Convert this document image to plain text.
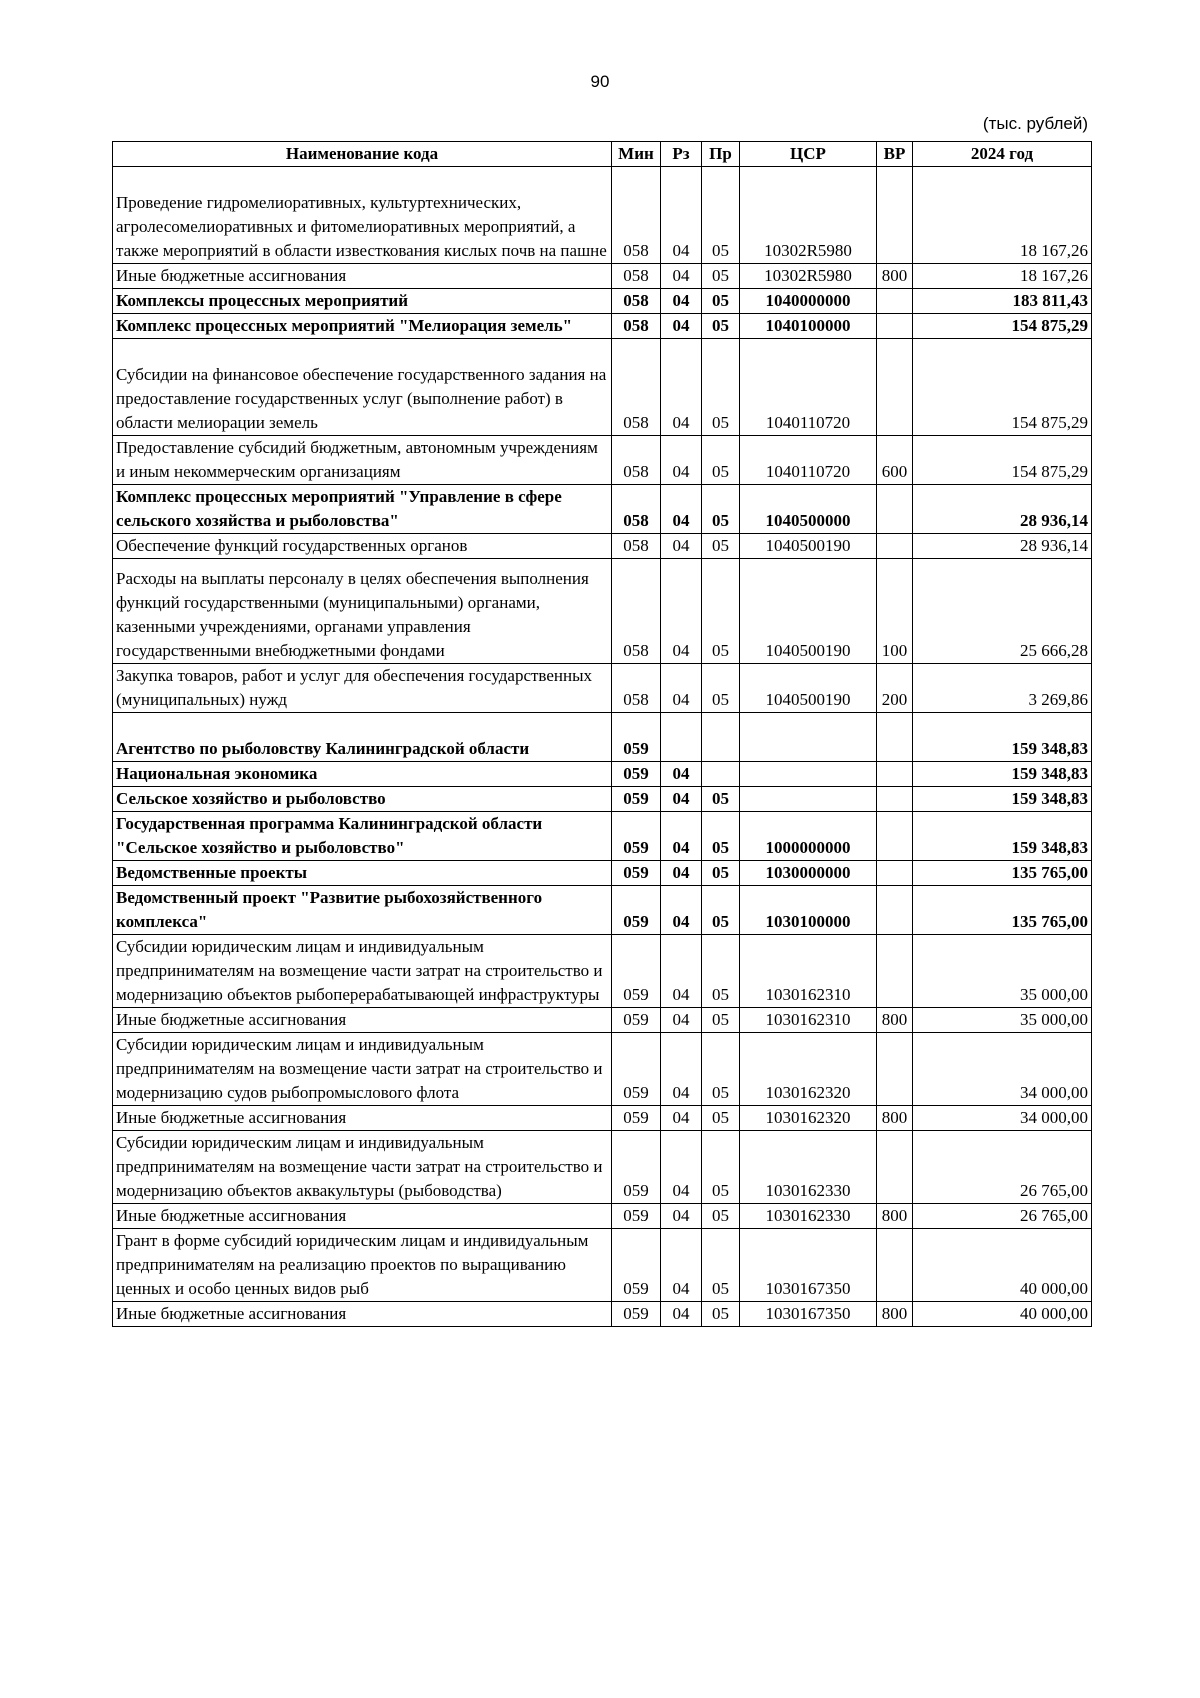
90
(тыс. рублей)
Наименование кода	Мин	Рз	Пр	ЦСР	ВР	2024 год
Проведение гидромелиоративных, культуртехнических, агролесомелиоративных и фитомелиоративных мероприятий, а также мероприятий в области известкования кислых почв на пашне	058	04	05	10302R5980		18 167,26
Иные бюджетные ассигнования	058	04	05	10302R5980	800	18 167,26
Комплексы процессных мероприятий	058	04	05	1040000000		183 811,43
Комплекс процессных мероприятий "Мелиорация земель"	058	04	05	1040100000		154 875,29
Субсидии на финансовое обеспечение государственного задания на предоставление государственных услуг (выполнение работ) в области мелиорации земель	058	04	05	1040110720		154 875,29
Предоставление субсидий бюджетным, автономным учреждениям и иным некоммерческим организациям	058	04	05	1040110720	600	154 875,29
Комплекс процессных мероприятий "Управление в сфере сельского хозяйства и рыболовства"	058	04	05	1040500000		28 936,14
Обеспечение функций государственных органов	058	04	05	1040500190		28 936,14
Расходы на выплаты персоналу в целях обеспечения выполнения функций государственными (муниципальными) органами, казенными учреждениями, органами управления государственными внебюджетными фондами	058	04	05	1040500190	100	25 666,28
Закупка товаров, работ и услуг для обеспечения государственных (муниципальных) нужд	058	04	05	1040500190	200	3 269,86
Агентство по рыболовству Калининградской области	059					159 348,83
Национальная экономика	059	04				159 348,83
Сельское хозяйство и рыболовство	059	04	05			159 348,83
Государственная программа Калининградской области "Сельское хозяйство и рыболовство"	059	04	05	1000000000		159 348,83
Ведомственные проекты	059	04	05	1030000000		135 765,00
Ведомственный проект "Развитие рыбохозяйственного комплекса"	059	04	05	1030100000		135 765,00
Субсидии юридическим лицам и индивидуальным предпринимателям на возмещение части затрат на строительство и модернизацию объектов рыбоперерабатывающей инфраструктуры	059	04	05	1030162310		35 000,00
Иные бюджетные ассигнования	059	04	05	1030162310	800	35 000,00
Субсидии юридическим лицам и индивидуальным предпринимателям на возмещение части затрат на строительство и модернизацию судов рыбопромыслового флота	059	04	05	1030162320		34 000,00
Иные бюджетные ассигнования	059	04	05	1030162320	800	34 000,00
Субсидии юридическим лицам и индивидуальным предпринимателям на возмещение части затрат на строительство и модернизацию объектов аквакультуры (рыбоводства)	059	04	05	1030162330		26 765,00
Иные бюджетные ассигнования	059	04	05	1030162330	800	26 765,00
Грант в форме субсидий юридическим лицам и индивидуальным предпринимателям на реализацию проектов по выращиванию ценных и особо ценных видов рыб	059	04	05	1030167350		40 000,00
Иные бюджетные ассигнования	059	04	05	1030167350	800	40 000,00
